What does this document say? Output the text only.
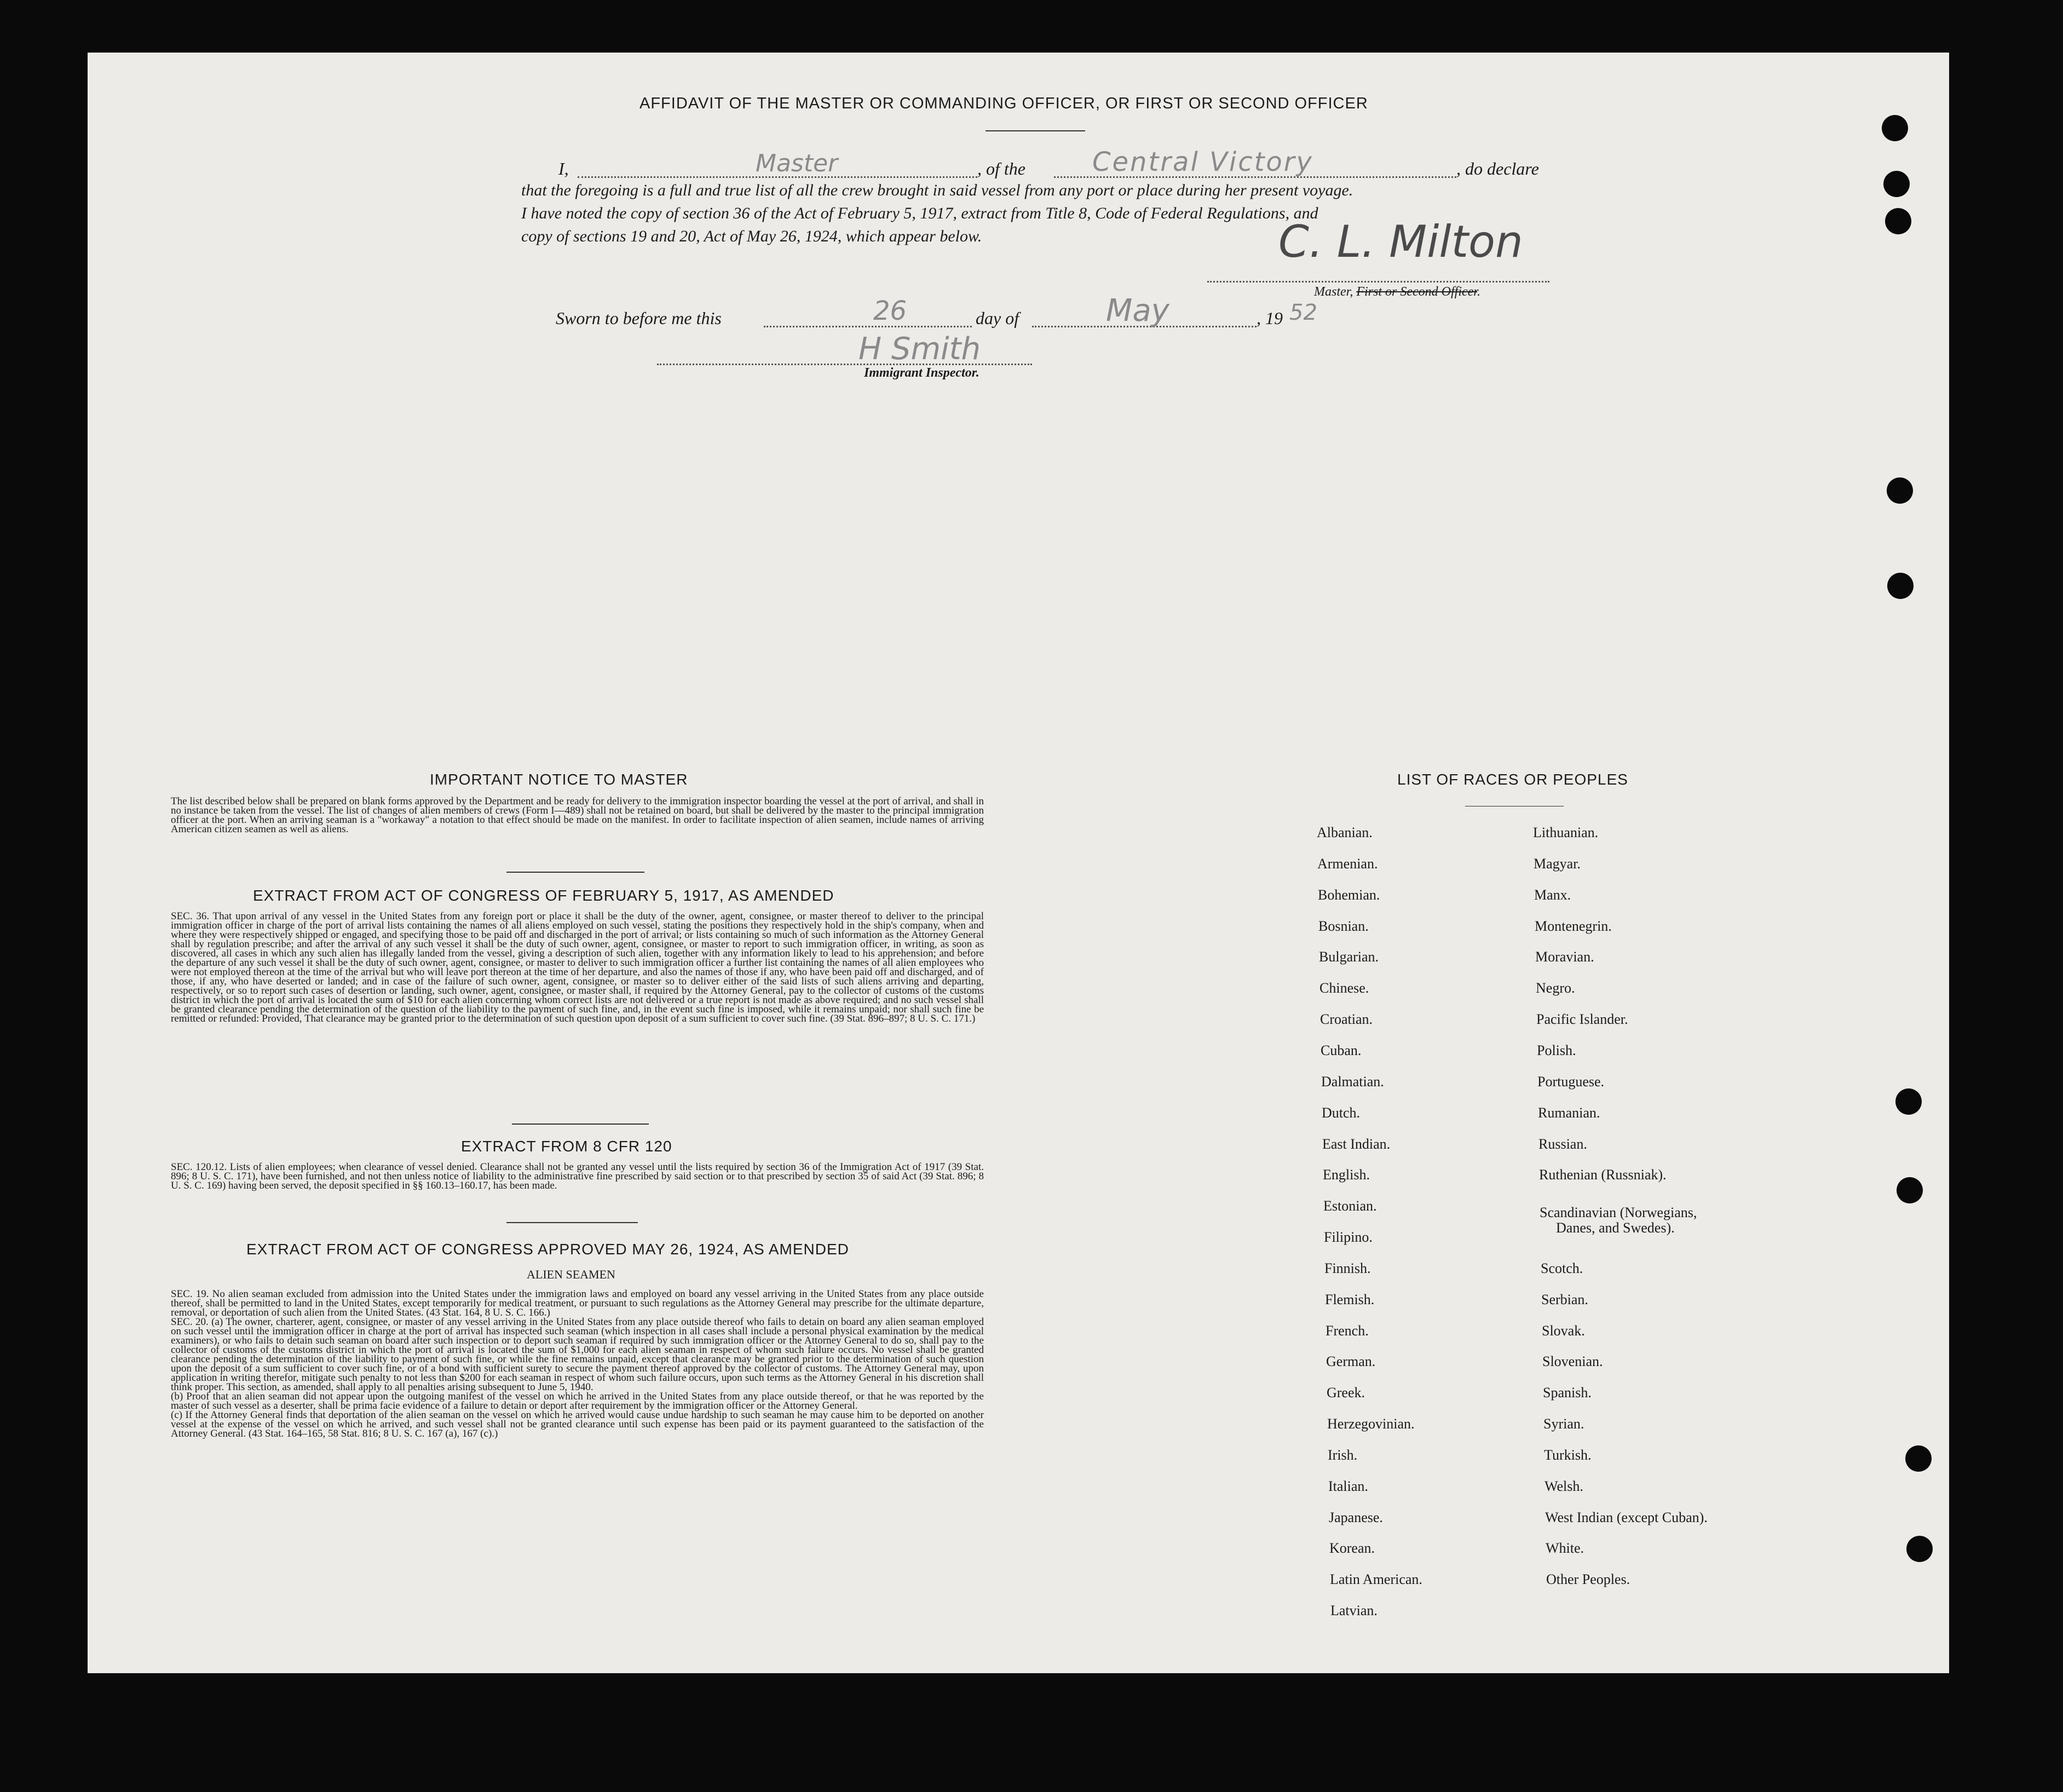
AFFIDAVIT OF THE MASTER OR COMMANDING OFFICER, OR FIRST OR SECOND OFFICER
I,	Master	, of the	Central Victory	, do declare
that the foregoing is a full and true list of all the crew brought in said vessel from any port or place during her present voyage.
I have noted the copy of section 36 of the Act of February 5, 1917, extract from Title 8, Code of Federal Regulations, and
copy of sections 19 and 20, Act of May 26, 1924, which appear below.	C. L. Milton
Master, First or Second Officer.
Sworn to before me this	26	day of	May	, 19 52
H Smith
Immigrant Inspector.
IMPORTANT NOTICE TO MASTER
The list described below shall be prepared on blank forms approved by the Department and be ready for delivery to the immigration inspector boarding the vessel at the port of arrival, and shall in no instance be taken from the vessel. The list of changes of alien members of crews (Form I—489) shall not be retained on board, but shall be delivered by the master to the principal immigration officer at the port. When an arriving seaman is a "workaway" a notation to that effect should be made on the manifest. In order to facilitate inspection of alien seamen, include names of arriving American citizen seamen as well as aliens.
EXTRACT FROM ACT OF CONGRESS OF FEBRUARY 5, 1917, AS AMENDED
SEC. 36. That upon arrival of any vessel in the United States from any foreign port or place it shall be the duty of the owner, agent, consignee, or master thereof to deliver to the principal immigration officer in charge of the port of arrival lists containing the names of all aliens employed on such vessel, stating the positions they respectively hold in the ship's company, when and where they were respectively shipped or engaged, and specifying those to be paid off and discharged in the port of arrival; or lists containing so much of such information as the Attorney General shall by regulation prescribe; and after the arrival of any such vessel it shall be the duty of such owner, agent, consignee, or master to report to such immigration officer, in writing, as soon as discovered, all cases in which any such alien has illegally landed from the vessel, giving a description of such alien, together with any information likely to lead to his apprehension; and before the departure of any such vessel it shall be the duty of such owner, agent, consignee, or master to deliver to such immigration officer a further list containing the names of all alien employees who were not employed thereon at the time of the arrival but who will leave port thereon at the time of her departure, and also the names of those if any, who have been paid off and discharged, and of those, if any, who have deserted or landed; and in case of the failure of such owner, agent, consignee, or master so to deliver either of the said lists of such aliens arriving and departing, respectively, or so to report such cases of desertion or landing, such owner, agent, consignee, or master shall, if required by the Attorney General, pay to the collector of customs of the customs district in which the port of arrival is located the sum of $10 for each alien concerning whom correct lists are not delivered or a true report is not made as above required; and no such vessel shall be granted clearance pending the determination of the question of the liability to the payment of such fine, and, in the event such fine is imposed, while it remains unpaid; nor shall such fine be remitted or refunded: Provided, That clearance may be granted prior to the determination of such question upon deposit of a sum sufficient to cover such fine. (39 Stat. 896–897; 8 U. S. C. 171.)
EXTRACT FROM 8 CFR 120
SEC. 120.12. Lists of alien employees; when clearance of vessel denied. Clearance shall not be granted any vessel until the lists required by section 36 of the Immigration Act of 1917 (39 Stat. 896; 8 U. S. C. 171), have been furnished, and not then unless notice of liability to the administrative fine prescribed by said section or to that prescribed by section 35 of said Act (39 Stat. 896; 8 U. S. C. 169) having been served, the deposit specified in §§ 160.13–160.17, has been made.
EXTRACT FROM ACT OF CONGRESS APPROVED MAY 26, 1924, AS AMENDED
ALIEN SEAMEN
SEC. 19. No alien seaman excluded from admission into the United States under the immigration laws and employed on board any vessel arriving in the United States from any place outside thereof, shall be permitted to land in the United States, except temporarily for medical treatment, or pursuant to such regulations as the Attorney General may prescribe for the ultimate departure, removal, or deportation of such alien from the United States. (43 Stat. 164, 8 U. S. C. 166.)
SEC. 20. (a) The owner, charterer, agent, consignee, or master of any vessel arriving in the United States from any place outside thereof who fails to detain on board any alien seaman employed on such vessel until the immigration officer in charge at the port of arrival has inspected such seaman (which inspection in all cases shall include a personal physical examination by the medical examiners), or who fails to detain such seaman on board after such inspection or to deport such seaman if required by such immigration officer or the Attorney General to do so, shall pay to the collector of customs of the customs district in which the port of arrival is located the sum of $1,000 for each alien seaman in respect of whom such failure occurs. No vessel shall be granted clearance pending the determination of the liability to payment of such fine, or while the fine remains unpaid, except that clearance may be granted prior to the determination of such question upon the deposit of a sum sufficient to cover such fine, or of a bond with sufficient surety to secure the payment thereof approved by the collector of customs. The Attorney General may, upon application in writing therefor, mitigate such penalty to not less than $200 for each seaman in respect of whom such failure occurs, upon such terms as the Attorney General in his discretion shall think proper. This section, as amended, shall apply to all penalties arising subsequent to June 5, 1940.
(b) Proof that an alien seaman did not appear upon the outgoing manifest of the vessel on which he arrived in the United States from any place outside thereof, or that he was reported by the master of such vessel as a deserter, shall be prima facie evidence of a failure to detain or deport after requirement by the immigration officer or the Attorney General.
(c) If the Attorney General finds that deportation of the alien seaman on the vessel on which he arrived would cause undue hardship to such seaman he may cause him to be deported on another vessel at the expense of the vessel on which he arrived, and such vessel shall not be granted clearance until such expense has been paid or its payment guaranteed to the satisfaction of the Attorney General. (43 Stat. 164–165, 58 Stat. 816; 8 U. S. C. 167 (a), 167 (c).)
LIST OF RACES OR PEOPLES
Albanian.
Armenian.
Bohemian.
Bosnian.
Bulgarian.
Chinese.
Croatian.
Cuban.
Dalmatian.
Dutch.
East Indian.
English.
Estonian.
Filipino.
Finnish.
Flemish.
French.
German.
Greek.
Herzegovinian.
Irish.
Italian.
Japanese.
Korean.
Latin American.
Latvian.
Lithuanian.
Magyar.
Manx.
Montenegrin.
Moravian.
Negro.
Pacific Islander.
Polish.
Portuguese.
Rumanian.
Russian.
Ruthenian (Russniak).
Scandinavian (Norwegians,
Danes, and Swedes).
Scotch.
Serbian.
Slovak.
Slovenian.
Spanish.
Syrian.
Turkish.
Welsh.
West Indian (except Cuban).
White.
Other Peoples.
